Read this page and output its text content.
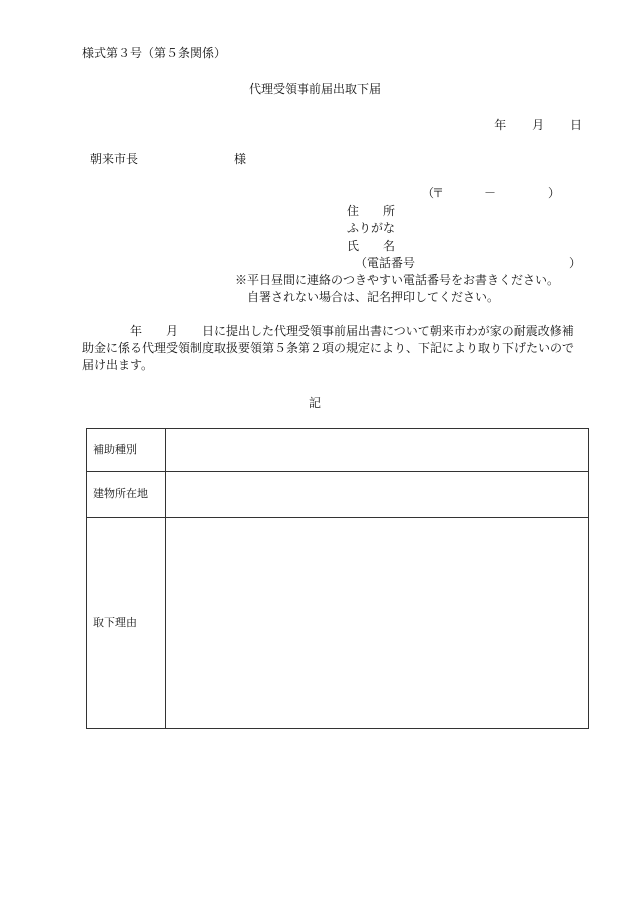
様式第３号（第５条関係）
代理受領事前届出取下届
年 月 日
朝来市長	様
（
〒	－	）
住　　所
ふりがな
氏　　名
（電話番号	）
※平日昼間に連絡のつきやすい電話番号をお書きください。
自署されない場合は、記名押印してください。
　　　　年　　月　　日に提出した代理受領事前届出書について朝来市わが家の耐震改修補助金に係る代理受領制度取扱要領第５条第２項の規定により、下記により取り下げたいので届け出ます。
記
補助種別	
建物所在地	
取下理由	
